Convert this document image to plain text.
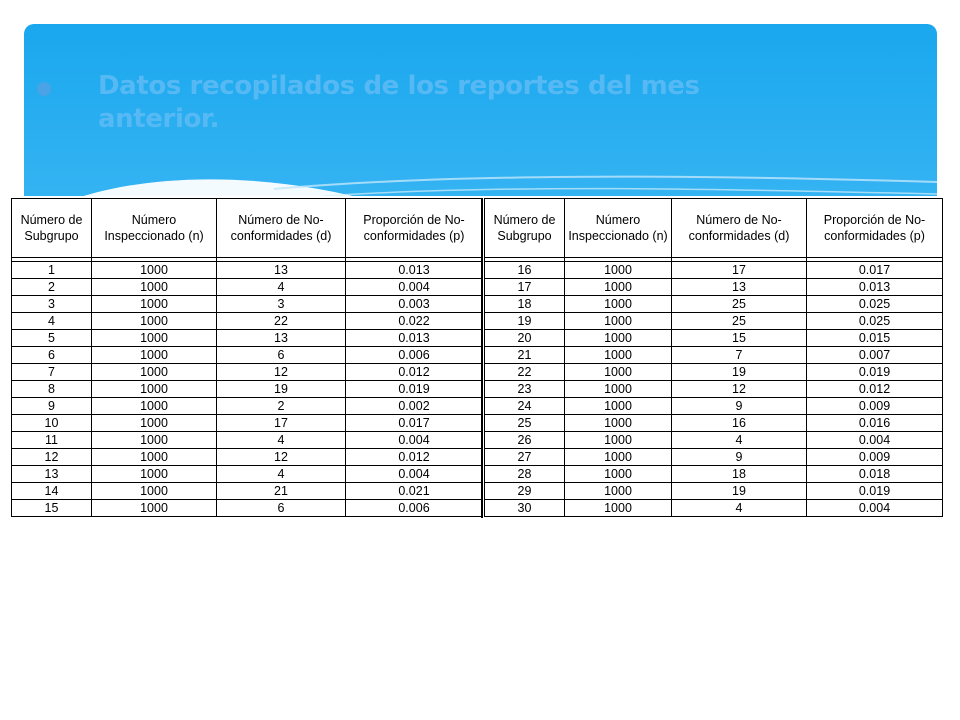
Datos recopilados de los reportes del mes anterior.
Número de Subgrupo	Número Inspeccionado (n)	Número de No-conformidades (d)	Proporción de No-conformidades (p)

1	1000	13	0.013
2	1000	4	0.004
3	1000	3	0.003
4	1000	22	0.022
5	1000	13	0.013
6	1000	6	0.006
7	1000	12	0.012
8	1000	19	0.019
9	1000	2	0.002
10	1000	17	0.017
11	1000	4	0.004
12	1000	12	0.012
13	1000	4	0.004
14	1000	21	0.021
15	1000	6	0.006
Número de Subgrupo	Número Inspeccionado (n)	Número de No-conformidades (d)	Proporción de No-conformidades (p)

16	1000	17	0.017
17	1000	13	0.013
18	1000	25	0.025
19	1000	25	0.025
20	1000	15	0.015
21	1000	7	0.007
22	1000	19	0.019
23	1000	12	0.012
24	1000	9	0.009
25	1000	16	0.016
26	1000	4	0.004
27	1000	9	0.009
28	1000	18	0.018
29	1000	19	0.019
30	1000	4	0.004
